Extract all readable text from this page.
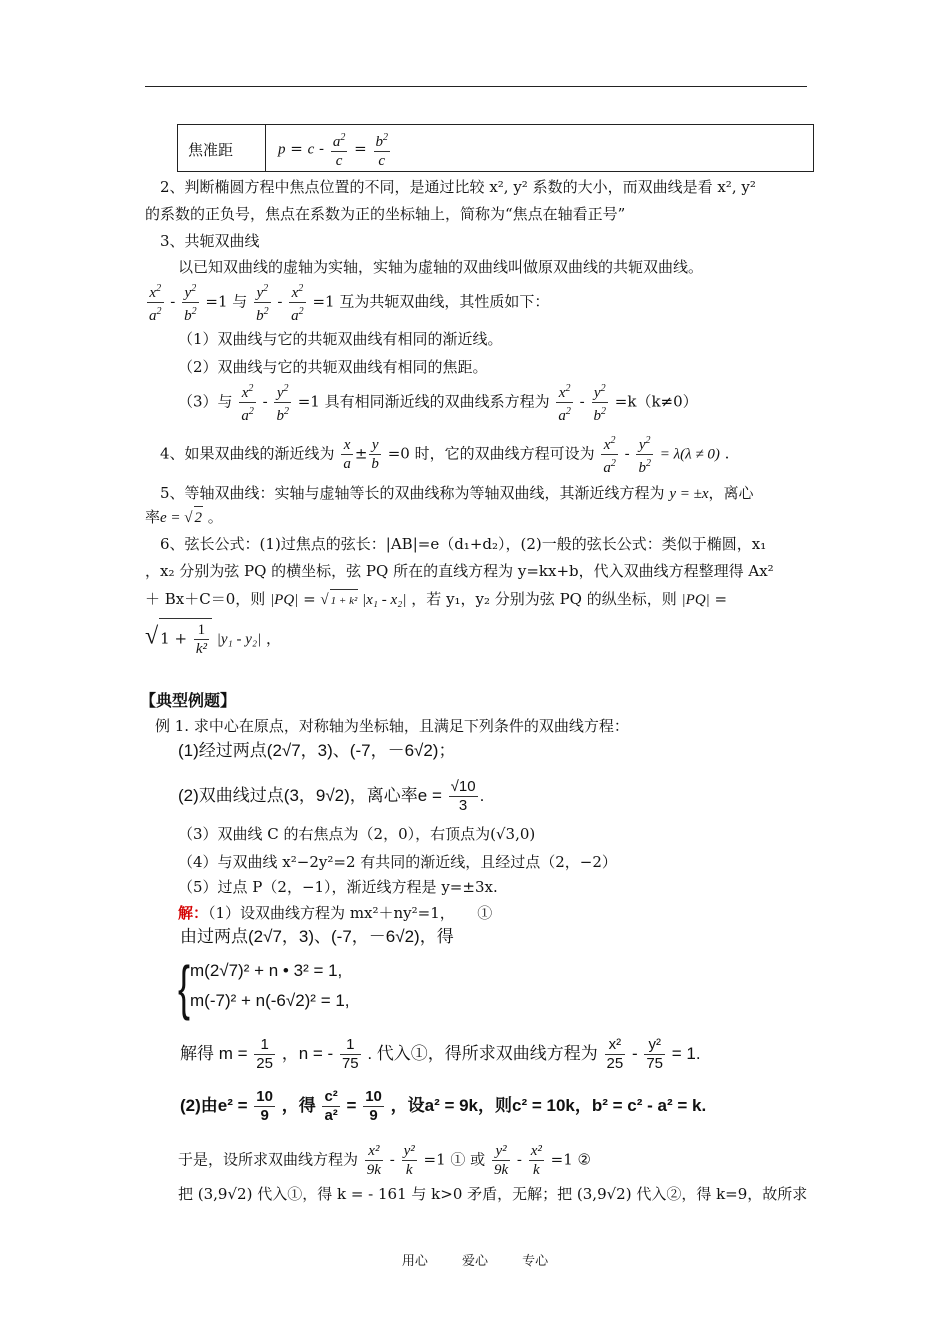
焦准距	$p = c - \frac{a^2}{c} = \frac{b^2}{c}$
2、判断椭圆方程中焦点位置的不同，是通过比较 x², y² 系数的大小，而双曲线是看 x², y²
的系数的正负号，焦点在系数为正的坐标轴上，简称为“焦点在轴看正号”
3、共轭双曲线
以已知双曲线的虚轴为实轴，实轴为虚轴的双曲线叫做原双曲线的共轭双曲线。
$\frac{x^2}{a^2} - \frac{y^2}{b^2} =1$ 与 $\frac{y^2}{b^2} - \frac{x^2}{a^2} =1$ 互为共轭双曲线，其性质如下：
（1）双曲线与它的共轭双曲线有相同的渐近线。
（2）双曲线与它的共轭双曲线有相同的焦距。
（3）与 $\frac{x^2}{a^2} - \frac{y^2}{b^2} =1$ 具有相同渐近线的双曲线系方程为 $\frac{x^2}{a^2} - \frac{y^2}{b^2} =k(k\ne 0)$
4、如果双曲线的渐近线为 $\frac{x}{a} \pm \frac{y}{b} =0$ 时，它的双曲线方程可设为 $\frac{x^2}{a^2} - \frac{y^2}{b^2} = \lambda(\lambda \ne 0)$ .
5、等轴双曲线：实轴与虚轴等长的双曲线称为等轴双曲线，其渐近线方程为 y = ±x，离心
率e = √ 2 。
6、弦长公式：(1)过焦点的弦长：|AB|=e（d₁+d₂），(2)一般的弦长公式：类似于椭圆，x₁
，x₂ 分别为弦 PQ 的横坐标，弦 PQ 所在的直线方程为 y=kx+b，代入双曲线方程整理得 Ax²
＋ Bx＋C＝0，则 |PQ| = √ 1 + k² |x₁ - x₂| ，若 y₁，y₂ 分别为弦 PQ 的纵坐标，则 |PQ| =
√ $1 + \frac{1}{\text{k²}} |y_1 - y_2|$ ，
【典型例题】
例 1. 求中心在原点，对称轴为坐标轴，且满足下列条件的双曲线方程：
(1)经过两点(2√7，3)、(-7，－6√2)；
(2)双曲线过点(3，9√2)，离心率$e = \frac{√10}{3}$ .
（3）双曲线 C 的右焦点为（2，0），右顶点为(√3,0)
（4）与双曲线 x²−2y²=2 有共同的渐近线，且经过点（2，−2）
（5）过点 P（2，−1），渐近线方程是 y=±3x.
解：（1）设双曲线方程为 mx²＋ny²=1，　　①
由过两点(2√7，3)、(-7，－6√2)，得
{ m(2√7)² + n • 3² = 1,
m(-7)² + n(-6√2)² = 1,
解得 $m = \frac{1}{25}$ ，n = - $\frac{1}{75}$ . 代入①，得所求双曲线方程为 $\frac{\text{x²}}{25} - \frac{\text{y²}}{75} = 1$.
(2)由$e^2 = \frac{10}{9}$ ，得 $\frac{\text{c²}}{\text{a²}} = \frac{10}{9}$ ，设a² = 9k，则c² = 10k，b² = c² - a² = k.
于是，设所求双曲线方程为 $\frac{\text{x²}}{9k} - \frac{\text{y²}}{k} =1$ ① 或 $\frac{\text{y²}}{9k} - \frac{\text{x²}}{k} =1$ ②
把 (3,9√2) 代入①，得 k = - 161 与 k>0 矛盾，无解；把 (3,9√2) 代入②，得 k=9，故所求
用心	爱心	专心
